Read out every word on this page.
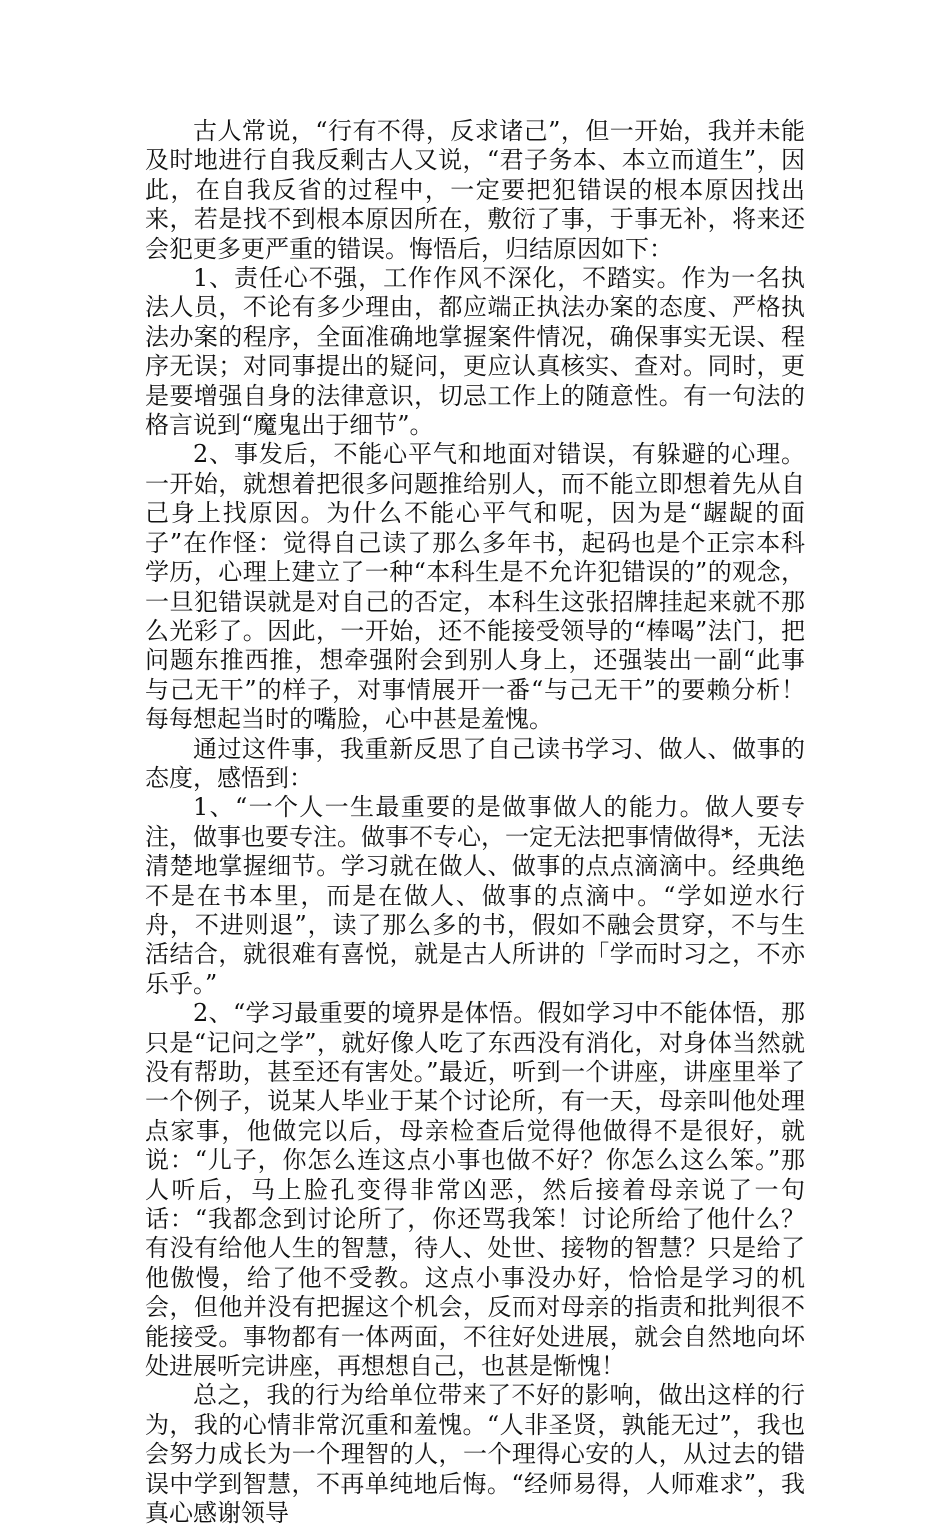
古人常说，“行有不得，反求诸己”，但一开始，我并未能及时地进行自我反剩古人又说，“君子务本、本立而道生”，因此，在自我反省的过程中，一定要把犯错误的根本原因找出来，若是找不到根本原因所在，敷衍了事，于事无补，将来还会犯更多更严重的错误。悔悟后，归结原因如下：

1、责任心不强，工作作风不深化，不踏实。作为一名执法人员，不论有多少理由，都应端正执法办案的态度、严格执法办案的程序，全面准确地掌握案件情况，确保事实无误、程序无误；对同事提出的疑问，更应认真核实、查对。同时，更是要增强自身的法律意识，切忌工作上的随意性。有一句法的格言说到“魔鬼出于细节”。

2、事发后，不能心平气和地面对错误，有躲避的心理。一开始，就想着把很多问题推给别人，而不能立即想着先从自己身上找原因。为什么不能心平气和呢，因为是“龌龊的面子”在作怪：觉得自己读了那么多年书，起码也是个正宗本科学历，心理上建立了一种“本科生是不允许犯错误的”的观念，一旦犯错误就是对自己的否定，本科生这张招牌挂起来就不那么光彩了。因此，一开始，还不能接受领导的“棒喝”法门，把问题东推西推，想牵强附会到别人身上，还强装出一副“此事与己无干”的样子，对事情展开一番“与己无干”的要赖分析！每每想起当时的嘴脸，心中甚是羞愧。

通过这件事，我重新反思了自己读书学习、做人、做事的态度，感悟到：

1、“一个人一生最重要的是做事做人的能力。做人要专注，做事也要专注。做事不专心，一定无法把事情做得*，无法清楚地掌握细节。学习就在做人、做事的点点滴滴中。经典绝不是在书本里，而是在做人、做事的点滴中。“学如逆水行舟，不进则退”，读了那么多的书，假如不融会贯穿，不与生活结合，就很难有喜悦，就是古人所讲的「学而时习之，不亦乐乎。”

2、“学习最重要的境界是体悟。假如学习中不能体悟，那只是“记问之学”，就好像人吃了东西没有消化，对身体当然就没有帮助，甚至还有害处。”最近，听到一个讲座，讲座里举了一个例子，说某人毕业于某个讨论所，有一天，母亲叫他处理点家事，他做完以后，母亲检查后觉得他做得不是很好，就说：“儿子，你怎么连这点小事也做不好？你怎么这么笨。”那人听后，马上脸孔变得非常凶恶，然后接着母亲说了一句话：“我都念到讨论所了，你还骂我笨！讨论所给了他什么？有没有给他人生的智慧，待人、处世、接物的智慧？只是给了他傲慢，给了他不受教。这点小事没办好，恰恰是学习的机会，但他并没有把握这个机会，反而对母亲的指责和批判很不能接受。事物都有一体两面，不往好处进展，就会自然地向坏处进展听完讲座，再想想自己，也甚是惭愧！

总之，我的行为给单位带来了不好的影响，做出这样的行为，我的心情非常沉重和羞愧。“人非圣贤，孰能无过”，我也会努力成长为一个理智的人，一个理得心安的人，从过去的错误中学到智慧，不再单纯地后悔。“经师易得，人师难求”，我真心感谢领导
